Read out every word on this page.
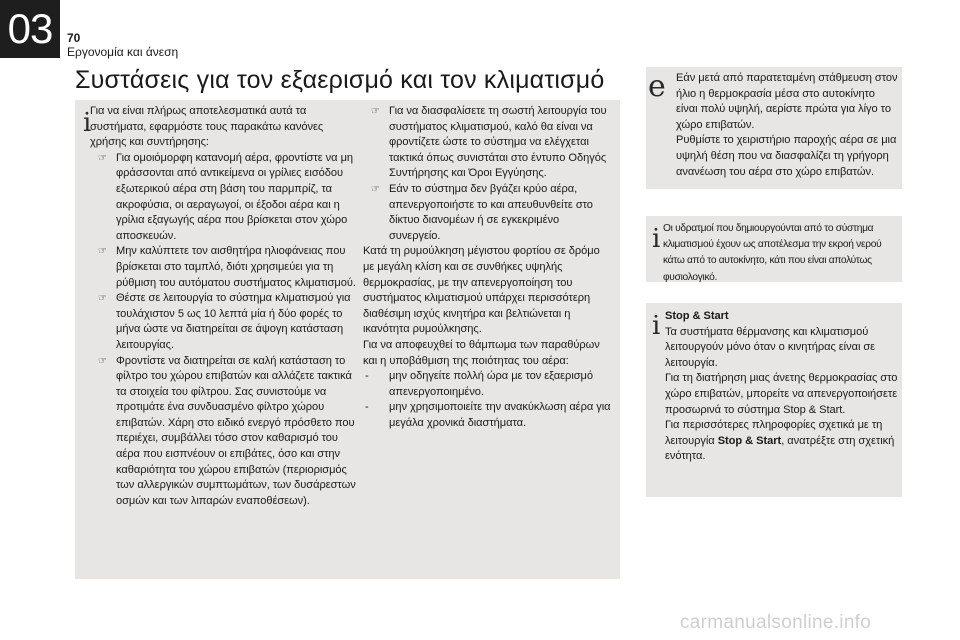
03	70
Εργονομία και άνεση
Συστάσεις για τον εξαερισμό και τον κλιματισμό
i

Για να είναι πλήρως αποτελεσματικά αυτά τα συστήματα, εφαρμόστε τους παρακάτω κανόνες χρήσης και συντήρησης:

☞ Για ομοιόμορφη κατανομή αέρα, φροντίστε να μη φράσσονται από αντικείμενα οι γρίλιες εισόδου εξωτερικού αέρα στη βάση του παρμπρίζ, τα ακροφύσια, οι αεραγωγοί, οι έξοδοι αέρα και η γρίλια εξαγωγής αέρα που βρίσκεται στον χώρο αποσκευών.

☞ Μην καλύπτετε τον αισθητήρα ηλιοφάνειας που βρίσκεται στο ταμπλό, διότι χρησιμεύει για τη ρύθμιση του αυτόματου συστήματος κλιματισμού.

☞ Θέστε σε λειτουργία το σύστημα κλιματισμού για τουλάχιστον 5 ως 10 λεπτά μία ή δύο φορές το μήνα ώστε να διατηρείται σε άψογη κατάσταση λειτουργίας.

☞ Φροντίστε να διατηρείται σε καλή κατάσταση το φίλτρο του χώρου επιβατών και αλλάζετε τακτικά τα στοιχεία του φίλτρου. Σας συνιστούμε να προτιμάτε ένα συνδυασμένο φίλτρο χώρου επιβατών. Χάρη στο ειδικό ενεργό πρόσθετο που περιέχει, συμβάλλει τόσο στον καθαρισμό του αέρα που εισπνέουν οι επιβάτες, όσο και στην καθαριότητα του χώρου επιβατών (περιορισμός των αλλεργικών συμπτωμάτων, των δυσάρεστων οσμών και των λιπαρών εναποθέσεων).

☞ Για να διασφαλίσετε τη σωστή λειτουργία του συστήματος κλιματισμού, καλό θα είναι να φροντίζετε ώστε το σύστημα να ελέγχεται τακτικά όπως συνιστάται στο έντυπο Οδηγός Συντήρησης και Όροι Εγγύησης.

☞ Εάν το σύστημα δεν βγάζει κρύο αέρα, απενεργοποιήστε το και απευθυνθείτε στο δίκτυο διανομέων ή σε εγκεκριμένο συνεργείο.

Κατά τη ρυμούλκηση μέγιστου φορτίου σε δρόμο με μεγάλη κλίση και σε συνθήκες υψηλής θερμοκρασίας, με την απενεργοποίηση του συστήματος κλιματισμού υπάρχει περισσότερη διαθέσιμη ισχύς κινητήρα και βελτιώνεται η ικανότητα ρυμούλκησης.

Για να αποφευχθεί το θάμπωμα των παραθύρων και η υποβάθμιση της ποιότητας του αέρα:

- μην οδηγείτε πολλή ώρα με τον εξαερισμό απενεργοποιημένο.

- μην χρησιμοποιείτε την ανακύκλωση αέρα για μεγάλα χρονικά διαστήματα.

e Εάν μετά από παρατεταμένη στάθμευση στον ήλιο η θερμοκρασία μέσα στο αυτοκίνητο είναι πολύ υψηλή, αερίστε πρώτα για λίγο το χώρο επιβατών.

Ρυθμίστε το χειριστήριο παροχής αέρα σε μια υψηλή θέση που να διασφαλίζει τη γρήγορη ανανέωση του αέρα στο χώρο επιβατών.

i Οι υδρατμοί που δημιουργούνται από το σύστημα κλιματισμού έχουν ως αποτέλεσμα την εκροή νερού κάτω από το αυτοκίνητο, κάτι που είναι απολύτως φυσιολογικό.
i Stop & Start

Τα συστήματα θέρμανσης και κλιματισμού λειτουργούν μόνο όταν ο κινητήρας είναι σε λειτουργία.

Για τη διατήρηση μιας άνετης θερμοκρασίας στο χώρο επιβατών, μπορείτε να απενεργοποιήσετε προσωρινά το σύστημα Stop & Start.

Για περισσότερες πληροφορίες σχετικά με τη λειτουργία Stop & Start, ανατρέξτε στη σχετική ενότητα.

carmanualsonline.info
